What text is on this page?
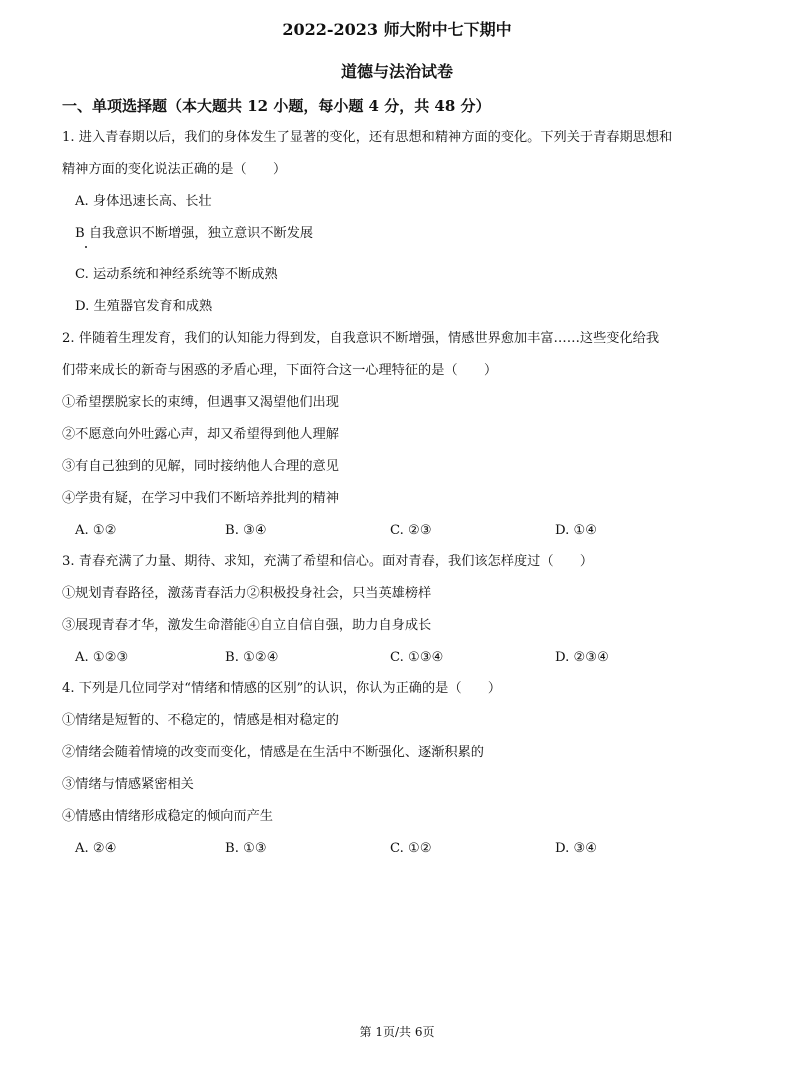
2022-2023 师大附中七下期中
道德与法治试卷
一、单项选择题（本大题共 12 小题，每小题 4 分，共 48 分）
1. 进入青春期以后，我们的身体发生了显著的变化，还有思想和精神方面的变化。下列关于青春期思想和
精神方面的变化说法正确的是（　　）
A. 身体迅速长高、长壮
B 自我意识不断增强，独立意识不断发展
C. 运动系统和神经系统等不断成熟
D. 生殖器官发育和成熟
2. 伴随着生理发育，我们的认知能力得到发，自我意识不断增强，情感世界愈加丰富……这些变化给我
们带来成长的新奇与困惑的矛盾心理，下面符合这一心理特征的是（　　）
①希望摆脱家长的束缚，但遇事又渴望他们出现
②不愿意向外吐露心声，却又希望得到他人理解
③有自己独到的见解，同时接纳他人合理的意见
④学贵有疑，在学习中我们不断培养批判的精神
A. ①②	B. ③④	C. ②③	D. ①④
3. 青春充满了力量、期待、求知，充满了希望和信心。面对青春，我们该怎样度过（　　）
①规划青春路径，激荡青春活力②积极投身社会，只当英雄榜样
③展现青春才华，激发生命潜能④自立自信自强，助力自身成长
A. ①②③	B. ①②④	C. ①③④	D. ②③④
4. 下列是几位同学对“情绪和情感的区别”的认识，你认为正确的是（　　）
①情绪是短暂的、不稳定的，情感是相对稳定的
②情绪会随着情境的改变而变化，情感是在生活中不断强化、逐渐积累的
③情绪与情感紧密相关
④情感由情绪形成稳定的倾向而产生
A. ②④	B. ①③	C. ①②	D. ③④
第 1页/共 6页
